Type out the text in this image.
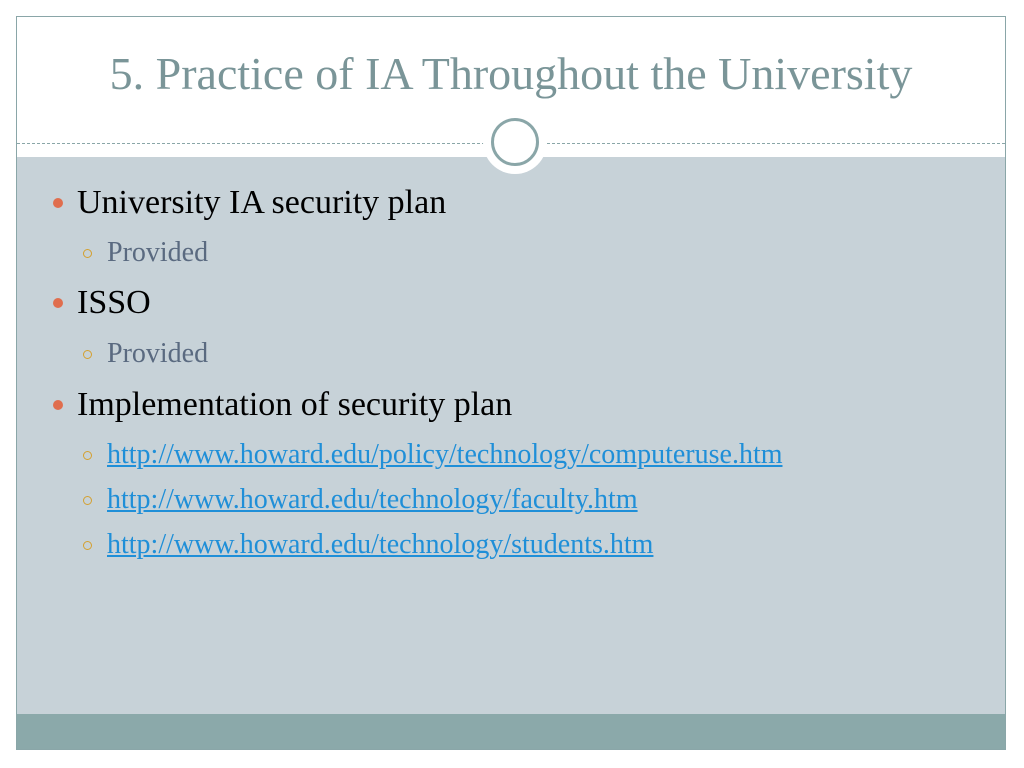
5. Practice of IA Throughout the University
University IA security plan
Provided
ISSO
Provided
Implementation of security plan
http://www.howard.edu/policy/technology/computeruse.htm
http://www.howard.edu/technology/faculty.htm
http://www.howard.edu/technology/students.htm
